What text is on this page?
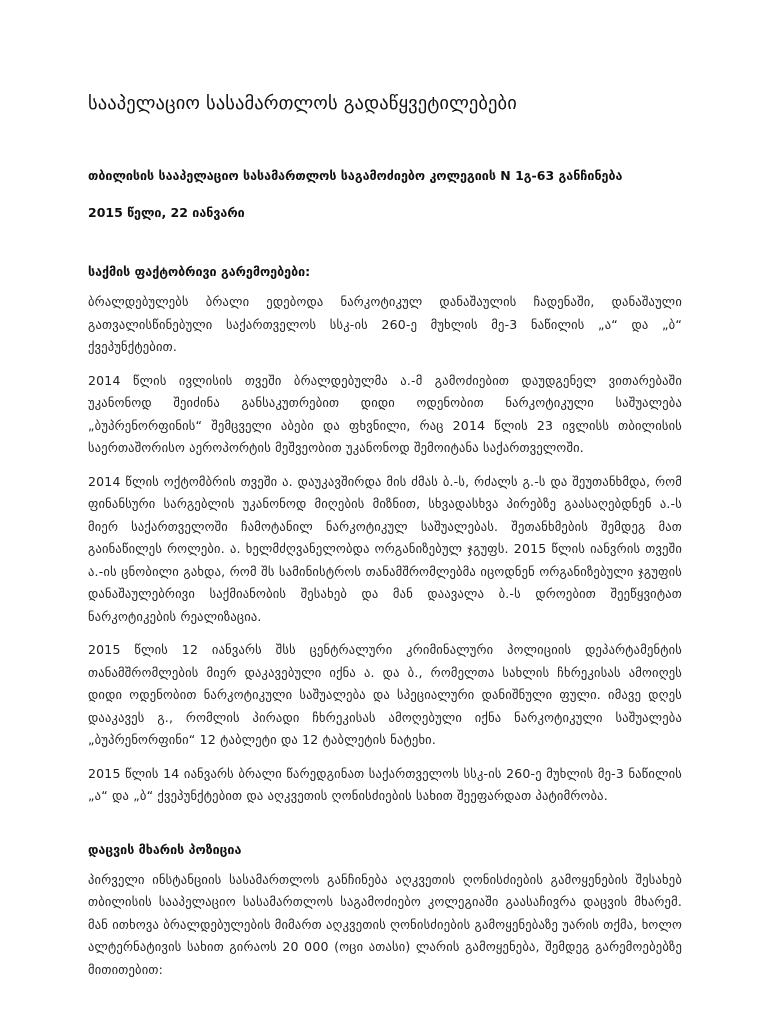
სააპელაციო სასამართლოს გადაწყვეტილებები
თბილისის სააპელაციო სასამართლოს საგამოძიებო კოლეგიის N 1გ-63 განჩინება
2015 წელი, 22 იანვარი
საქმის ფაქტობრივი გარემოებები:

ბრალდებულებს ბრალი ედებოდა ნარკოტიკულ დანაშაულის ჩადენაში, დანაშაული გათვალისწინებული საქართველოს სსკ-ის 260-ე მუხლის მე-3 ნაწილის „ა“ და „ბ“ ქვეპუნქტებით.

2014 წლის ივლისის თვეში ბრალდებულმა ა.-მ გამოძიებით დაუდგენელ ვითარებაში უკანონოდ შეიძინა განსაკუთრებით დიდი ოდენობით ნარკოტიკული საშუალება „ბუპრენორფინის“ შემცველი აბები და ფხვნილი, რაც 2014 წლის 23 ივლისს თბილისის საერთაშორისო აეროპორტის მეშვეობით უკანონოდ შემოიტანა საქართველოში.

2014 წლის ოქტომბრის თვეში ა. დაუკავშირდა მის ძმას ბ.-ს, რძალს გ.-ს და შეუთანხმდა, რომ ფინანსური სარგებლის უკანონოდ მიღების მიზნით, სხვადასხვა პირებზე გაასაღებდნენ ა.-ს მიერ საქართველოში ჩამოტანილ ნარკოტიკულ საშუალებას. შეთანხმების შემდეგ მათ გაინაწილეს როლები. ა. ხელმძღვანელობდა ორგანიზებულ ჯგუფს. 2015 წლის იანვრის თვეში ა.-ის ცნობილი გახდა, რომ შს სამინისტროს თანამშრომლებმა იცოდნენ ორგანიზებული ჯგუფის დანაშაულებრივი საქმიანობის შესახებ და მან დაავალა ბ.-ს დროებით შეეწყვიტათ ნარკოტიკების რეალიზაცია.

2015 წლის 12 იანვარს შსს ცენტრალური კრიმინალური პოლიციის დეპარტამენტის თანამშრომლების მიერ დაკავებული იქნა ა. და ბ., რომელთა სახლის ჩხრეკისას ამოიღეს დიდი ოდენობით ნარკოტიკული საშუალება და სპეციალური დანიშნული ფული. იმავე დღეს დააკავეს გ., რომლის პირადი ჩხრეკისას ამოღებული იქნა ნარკოტიკული საშუალება „ბუპრენორფინი“ 12 ტაბლეტი და 12 ტაბლეტის ნატეხი.

2015 წლის 14 იანვარს ბრალი წარედგინათ საქართველოს სსკ-ის 260-ე მუხლის მე-3 ნაწილის „ა“ და „ბ“ ქვეპუნქტებით და აღკვეთის ღონისძიების სახით შეეფარდათ პატიმრობა.

დაცვის მხარის პოზიცია

პირველი ინსტანციის სასამართლოს განჩინება აღკვეთის ღონისძიების გამოყენების შესახებ თბილისის სააპელაციო სასამართლოს საგამოძიებო კოლეგიაში გაასაჩივრა დაცვის მხარემ. მან ითხოვა ბრალდებულების მიმართ აღკვეთის ღონისძიების გამოყენებაზე უარის თქმა, ხოლო ალტერნატივის სახით გირაოს 20 000 (ოცი ათასი) ლარის გამოყენება, შემდეგ გარემოებებზე მითითებით:
